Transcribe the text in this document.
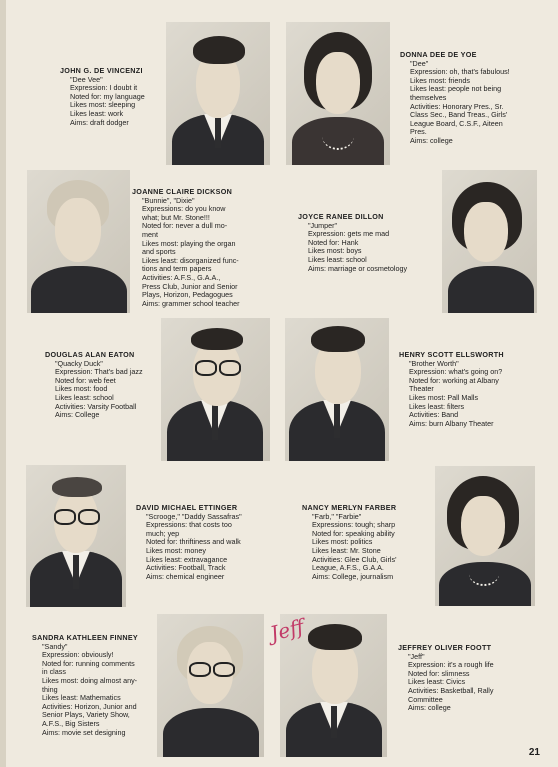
JOHN G. DE VINCENZI

"Dee Vee"

Expression: I doubt it

Noted for: my language

Likes most: sleeping

Likes least: work

Aims: draft dodger

DONNA DEE DE YOE

"Dee"

Expression: oh, that's fabulous!

Likes most: friends

Likes least: people not being

themselves

Activities: Honorary Pres., Sr.

Class Sec., Band Treas., Girls'

League Board, C.S.F., Aiteen

Pres.

Aims: college

JOANNE CLAIRE DICKSON

"Bunnie", "Dixie"

Expressions: do you know

what; but Mr. Stone!!!

Noted for: never a dull mo-

ment

Likes most: playing the organ

and sports

Likes least: disorganized func-

tions and term papers

Activities: A.F.S., G.A.A.,

Press Club, Junior and Senior

Plays, Horizon, Pedagogues

Aims: grammer school teacher

JOYCE RANEE DILLON

"Jumper"

Expression: gets me mad

Noted for: Hank

Likes most: boys

Likes least: school

Aims: marriage or cosmetology

DOUGLAS ALAN EATON

"Quacky Duck"

Expression: That's bad jazz

Noted for: web feet

Likes most: food

Likes least: school

Activities: Varsity Football

Aims: College

HENRY SCOTT ELLSWORTH

"Brother Worth"

Expression: what's going on?

Noted for: working at Albany

Theater

Likes most: Pall Malls

Likes least: filters

Activities: Band

Aims: burn Albany Theater

DAVID MICHAEL ETTINGER

"Scrooge," "Daddy Sassafras"

Expressions: that costs too

much; yep

Noted for: thriftiness and walk

Likes most: money

Likes least: extravagance

Activities: Football, Track

Aims: chemical engineer

NANCY MERLYN FARBER

"Farb," "Farbie"

Expressions: tough; sharp

Noted for: speaking ability

Likes most: politics

Likes least: Mr. Stone

Activities: Glee Club, Girls'

League, A.F.S., G.A.A.

Aims: College, journalism

SANDRA KATHLEEN FINNEY

"Sandy"

Expression: obviously!

Noted for: running comments

in class

Likes most: doing almost any-

thing

Likes least: Mathematics

Activities: Horizon, Junior and

Senior Plays, Variety Show,

A.F.S., Big Sisters

Aims: movie set designing

Jeff

JEFFREY OLIVER FOOTT

"Jeff"

Expression: it's a rough life

Noted for: slimness

Likes least: Civics

Activities: Basketball, Rally

Committee

Aims: college

21
